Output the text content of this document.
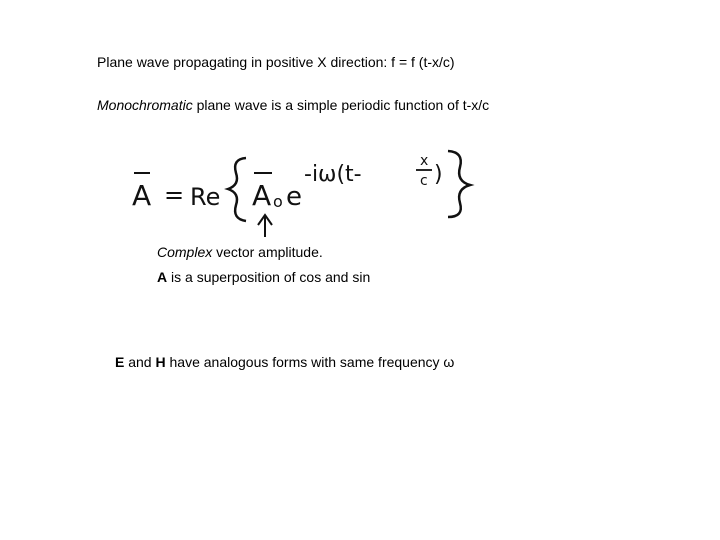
Plane wave propagating in positive X direction: f = f (t-x/c)
Monochromatic plane wave is a simple periodic function of t-x/c
A = Re A o e
-iω(t-
x
c )
Complex vector amplitude.
A is a superposition of cos and sin
E and H have analogous forms with same frequency ω
